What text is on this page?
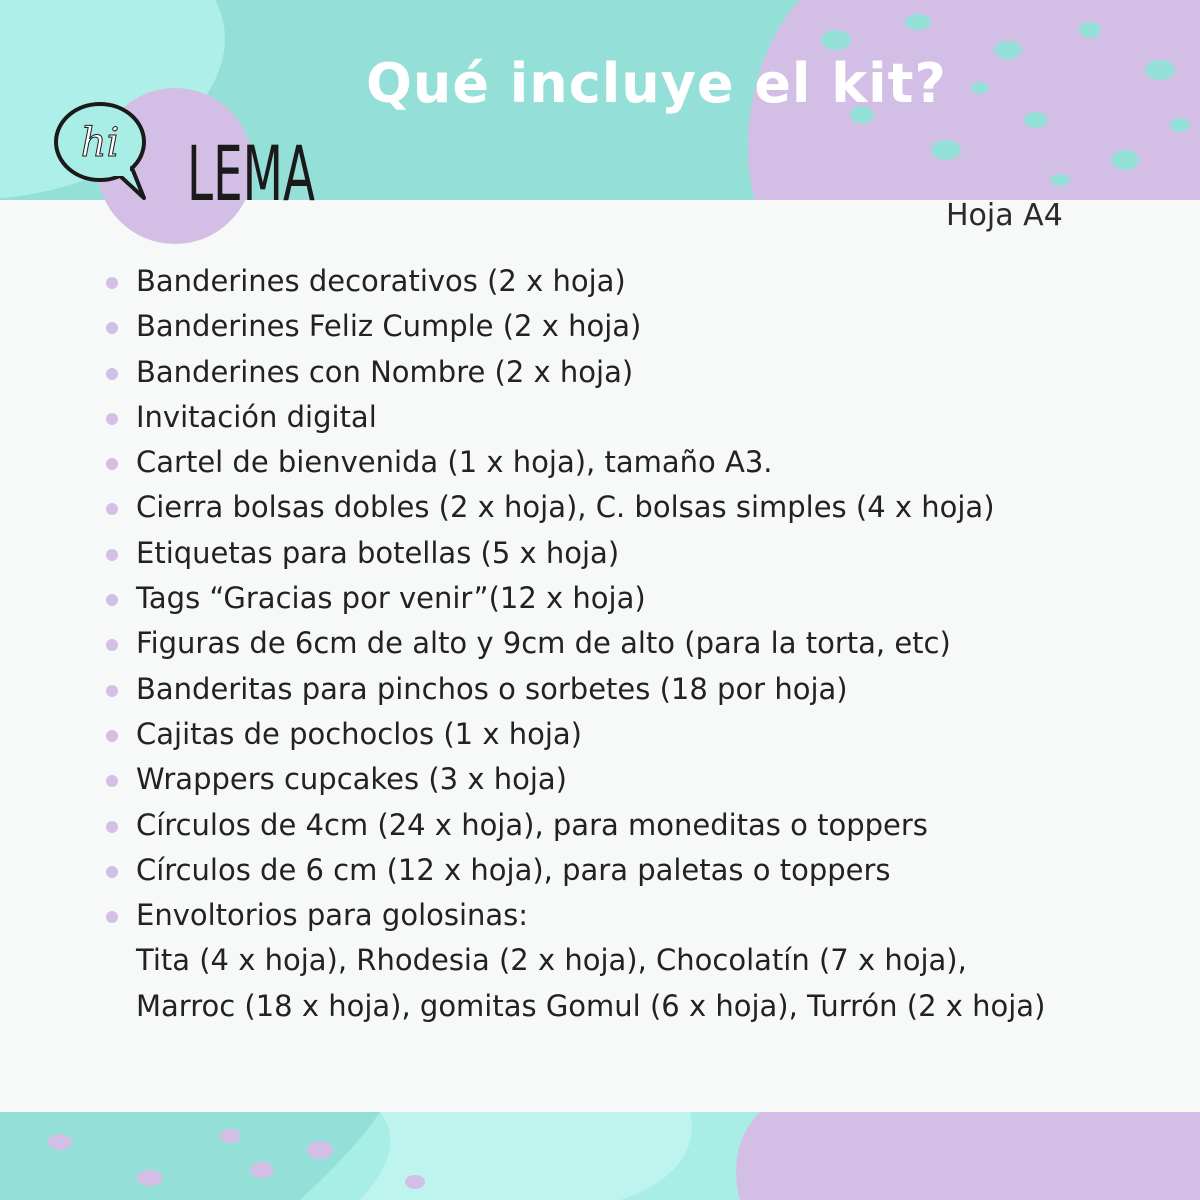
hi LEMA
Qué incluye el kit?
Hoja A4
Banderines decorativos (2 x hoja)
Banderines Feliz Cumple (2 x hoja)
Banderines con Nombre (2 x hoja)
Invitación digital
Cartel de bienvenida (1 x hoja), tamaño A3.
Cierra bolsas dobles (2 x hoja), C. bolsas simples (4 x hoja)
Etiquetas para botellas (5 x hoja)
Tags “Gracias por venir”(12 x hoja)
Figuras de 6cm de alto y 9cm de alto (para la torta, etc)
Banderitas para pinchos o sorbetes (18 por hoja)
Cajitas de pochoclos (1 x hoja)
Wrappers cupcakes (3 x hoja)
Círculos de 4cm (24 x hoja), para moneditas o toppers
Círculos de 6 cm (12 x hoja), para paletas o toppers
Envoltorios para golosinas:
Tita (4 x hoja), Rhodesia (2 x hoja), Chocolatín (7 x hoja),
Marroc (18 x hoja), gomitas Gomul (6 x hoja), Turrón (2 x hoja)
